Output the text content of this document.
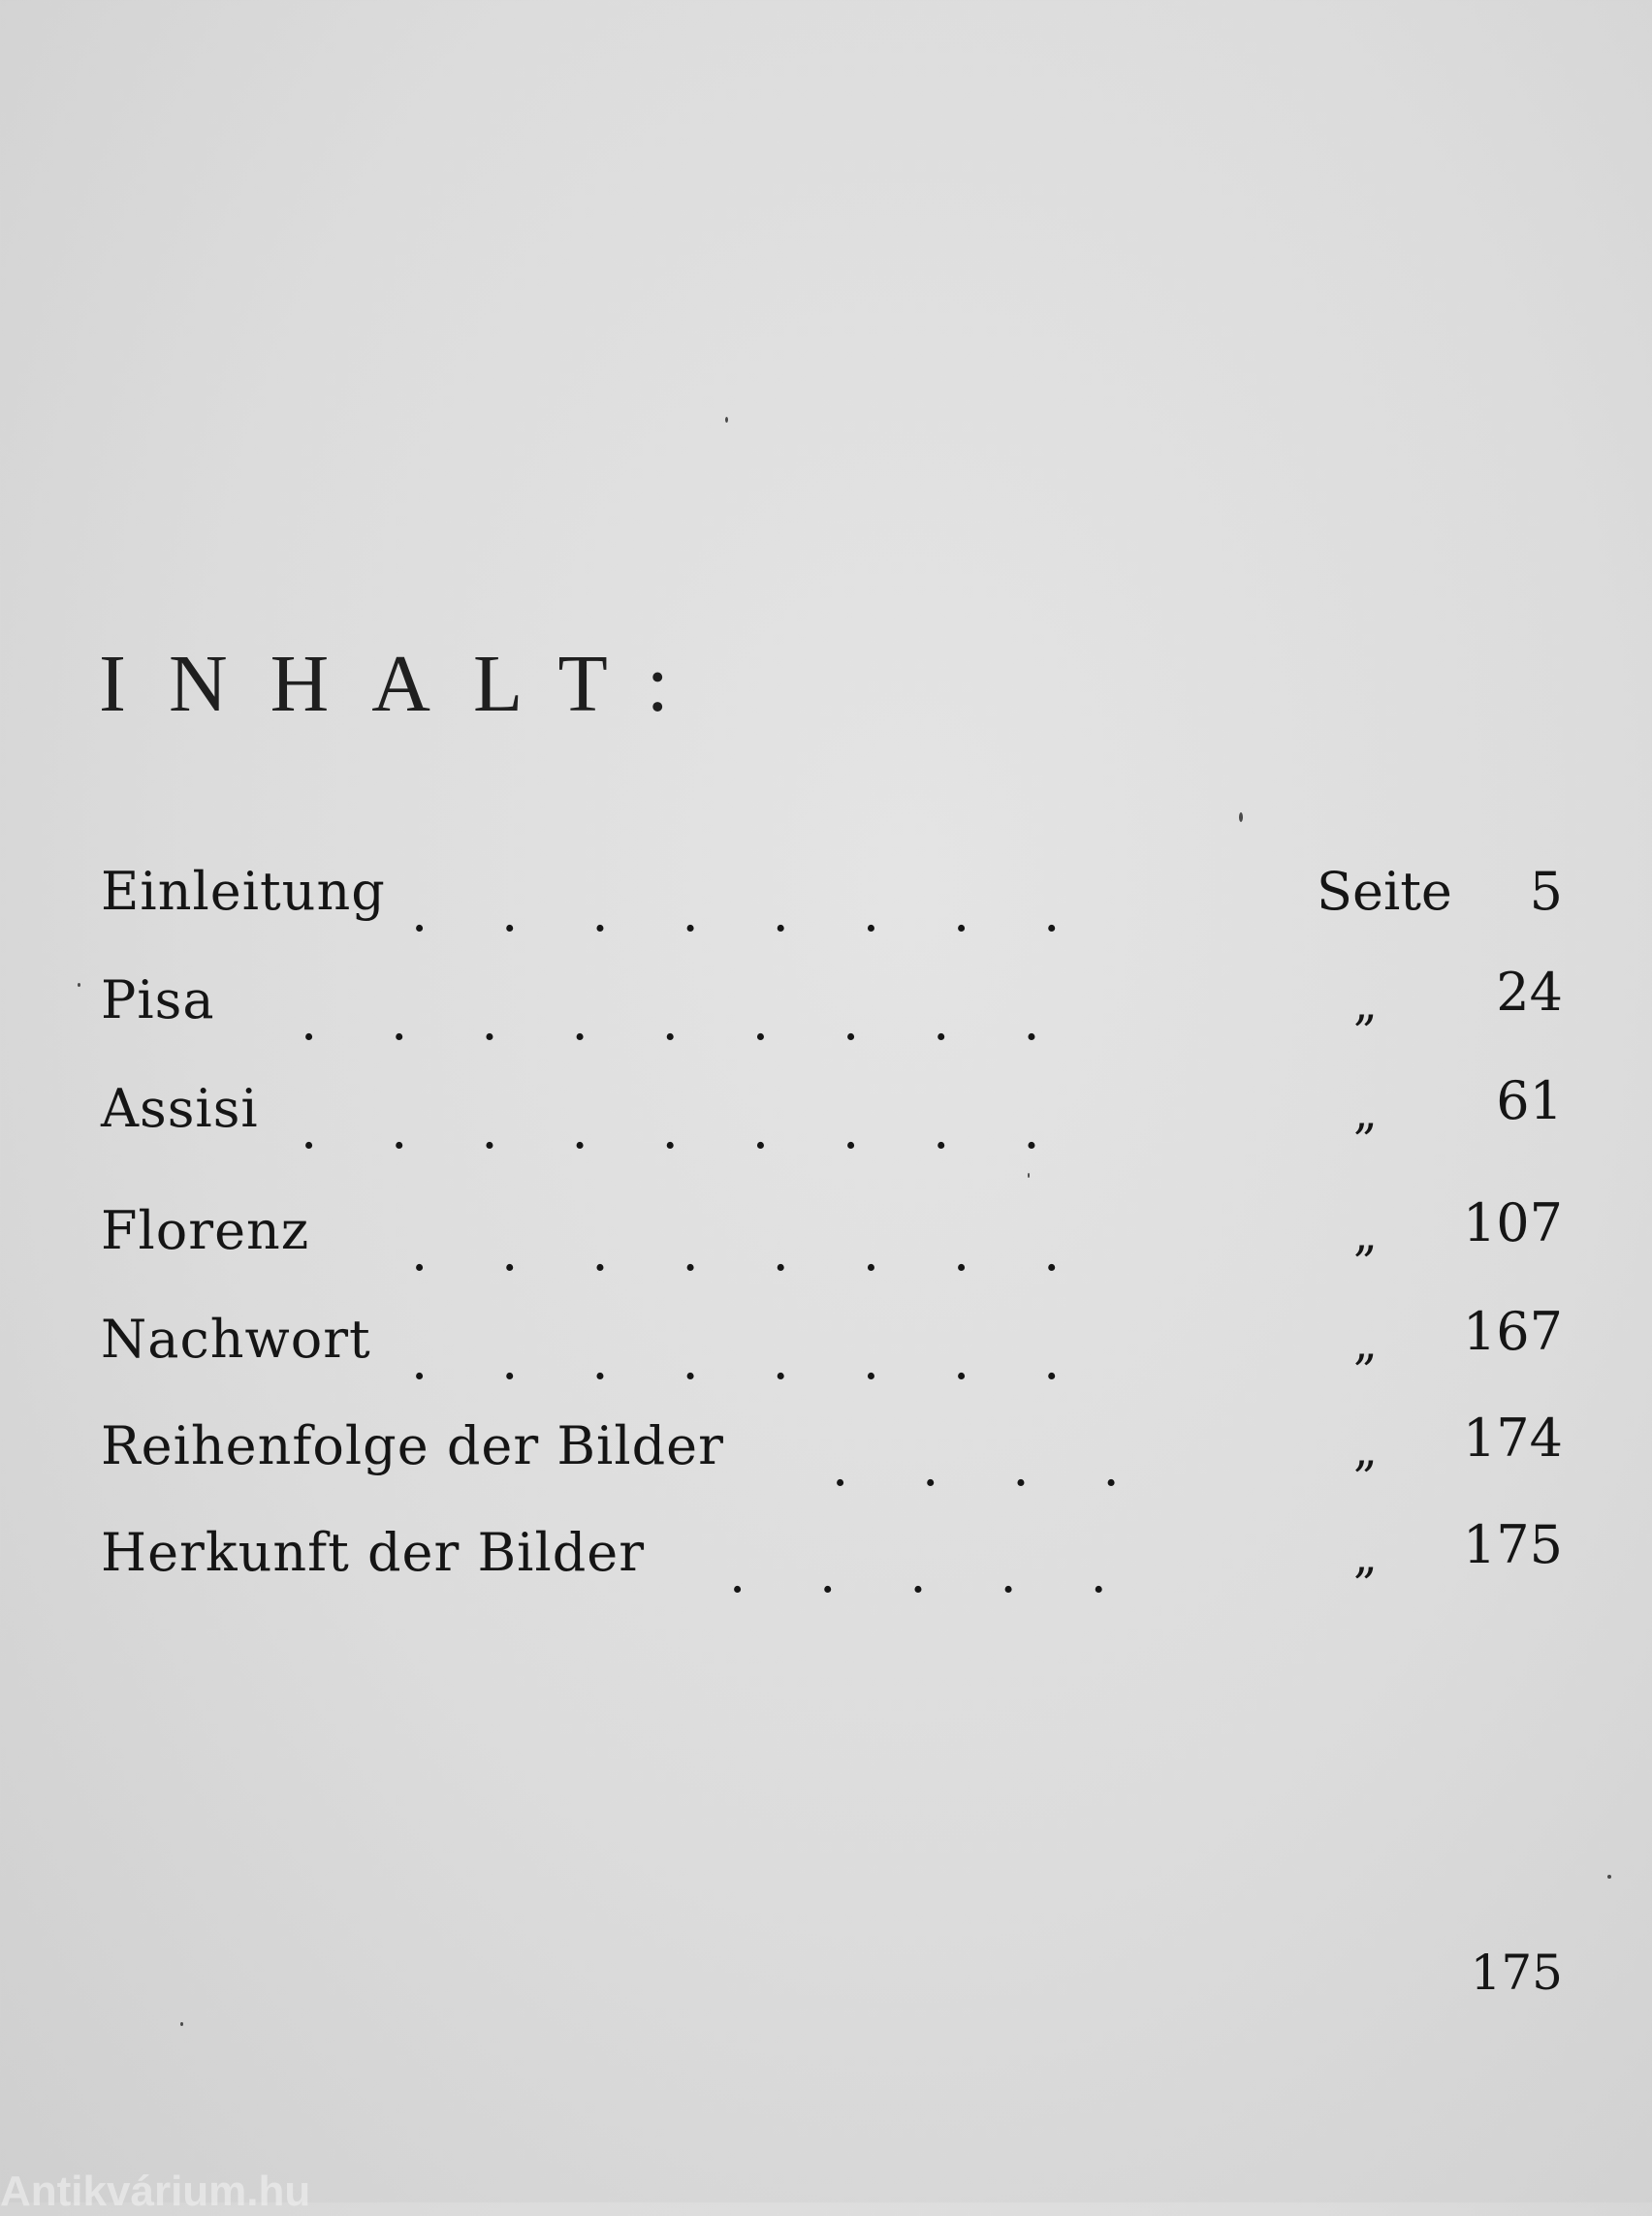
INHALT:
Einleitung ........	Seite 5
Pisa .........	„ 24
Assisi .........	„ 61
Florenz ........	„ 107
Nachwort ........	„ 167
Reihenfolge der Bilder ....	„ 174
Herkunft der Bilder .....	„ 175
175
Antikvárium.hu
